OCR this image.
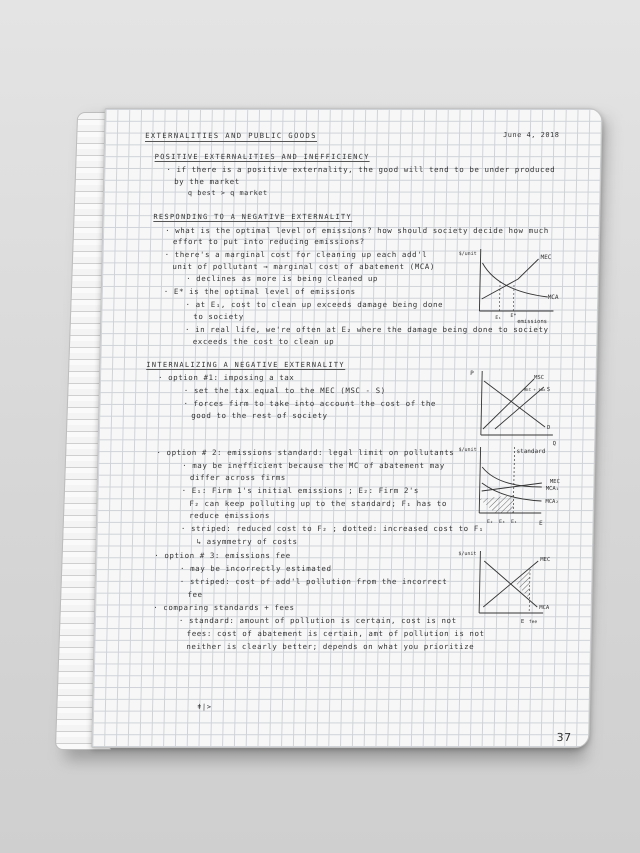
EXTERNALITIES AND PUBLIC GOODS	June 4, 2018
POSITIVE EXTERNALITIES AND INEFFICIENCY
· if there is a positive externality, the good will tend to be under produced
by the market
q best > q market
RESPONDING TO A NEGATIVE EXTERNALITY
· what is the optimal level of emissions? how should society decide how much
effort to put into reducing emissions?
· there's a marginal cost for cleaning up each add'l
unit of pollutant → marginal cost of abatement (MCA)
· declines as more is being cleaned up
· E* is the optimal level of emissions
· at E₁, cost to clean up exceeds damage being done
to society
· in real life, we're often at E₂ where the damage being done to society
exceeds the cost to clean up
$/unit
MEC
MCA
E₁ E*
emissions
INTERNALIZING A NEGATIVE EXTERNALITY
· option #1: imposing a tax
· set the tax equal to the MEC (MSC - S)
· forces firm to take into account the cost of the
good to the rest of society
P
MSC
MEC + tax S
D
Q
· option # 2: emissions standard: legal limit on pollutants
· may be inefficient because the MC of abatement may
differ across firms
· E₁: Firm 1's initial emissions ; E₂: Firm 2's
F₂ can keep polluting up to the standard; F₁ has to
reduce emissions
· striped: reduced cost to F₂ ; dotted: increased cost to F₁
↳ asymmetry of costs
$/unit	standard
MEC
MCA₁
MCA₂
E₂ E₃ E₁	E
· option # 3: emissions fee
· may be incorrectly estimated
· striped: cost of add'l pollution from the incorrect
fee
· comparing standards + fees
· standard: amount of pollution is certain, cost is not
fees: cost of abatement is certain, amt of pollution is not
neither is clearly better; depends on what you prioritize
$/unit
MEC
MCA
E fee
ǂ|>
37
